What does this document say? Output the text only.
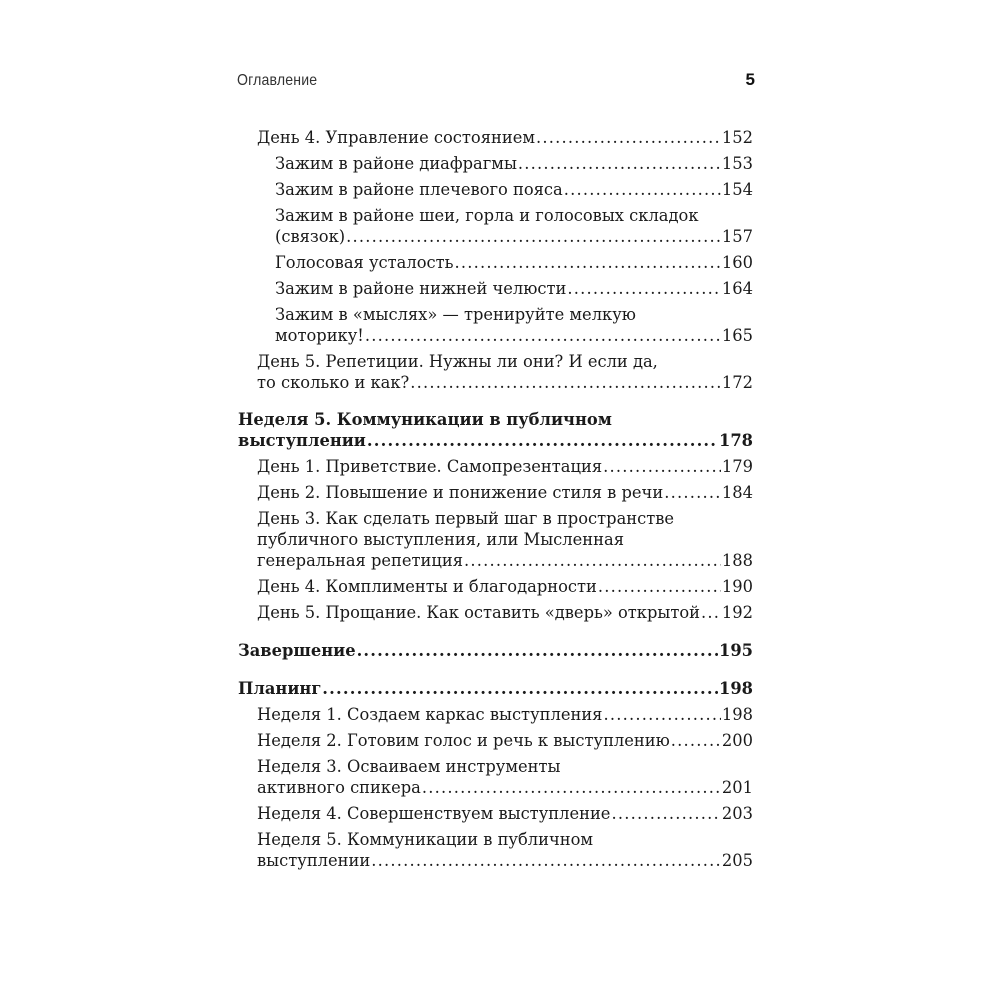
Оглавление	5
День 4. Управление состоянием .....	152
Зажим в районе диафрагмы .....	153
Зажим в районе плечевого пояса .....	154
Зажим в районе шеи, горла и голосовых складок
(связок) .....	157
Голосовая усталость .....	160
Зажим в районе нижней челюсти .....	164
Зажим в «мыслях» — тренируйте мелкую
моторику! .....	165
День 5. Репетиции. Нужны ли они? И если да,
то сколько и как? .....	172
Неделя 5. Коммуникации в публичном
выступлении .....	178
День 1. Приветствие. Самопрезентация .....	179
День 2. Повышение и понижение стиля в речи .....	184
День 3. Как сделать первый шаг в пространстве
публичного выступления, или Мысленная
генеральная репетиция .....	188
День 4. Комплименты и благодарности .....	190
День 5. Прощание. Как оставить «дверь» открытой ..... 192
Завершение .....	195
Планинг .....	198
Неделя 1. Создаем каркас выступления .....	198
Неделя 2. Готовим голос и речь к выступлению .....	200
Неделя 3. Осваиваем инструменты
активного спикера .....	201
Неделя 4. Совершенствуем выступление .....	203
Неделя 5. Коммуникации в публичном
выступлении .....	205
